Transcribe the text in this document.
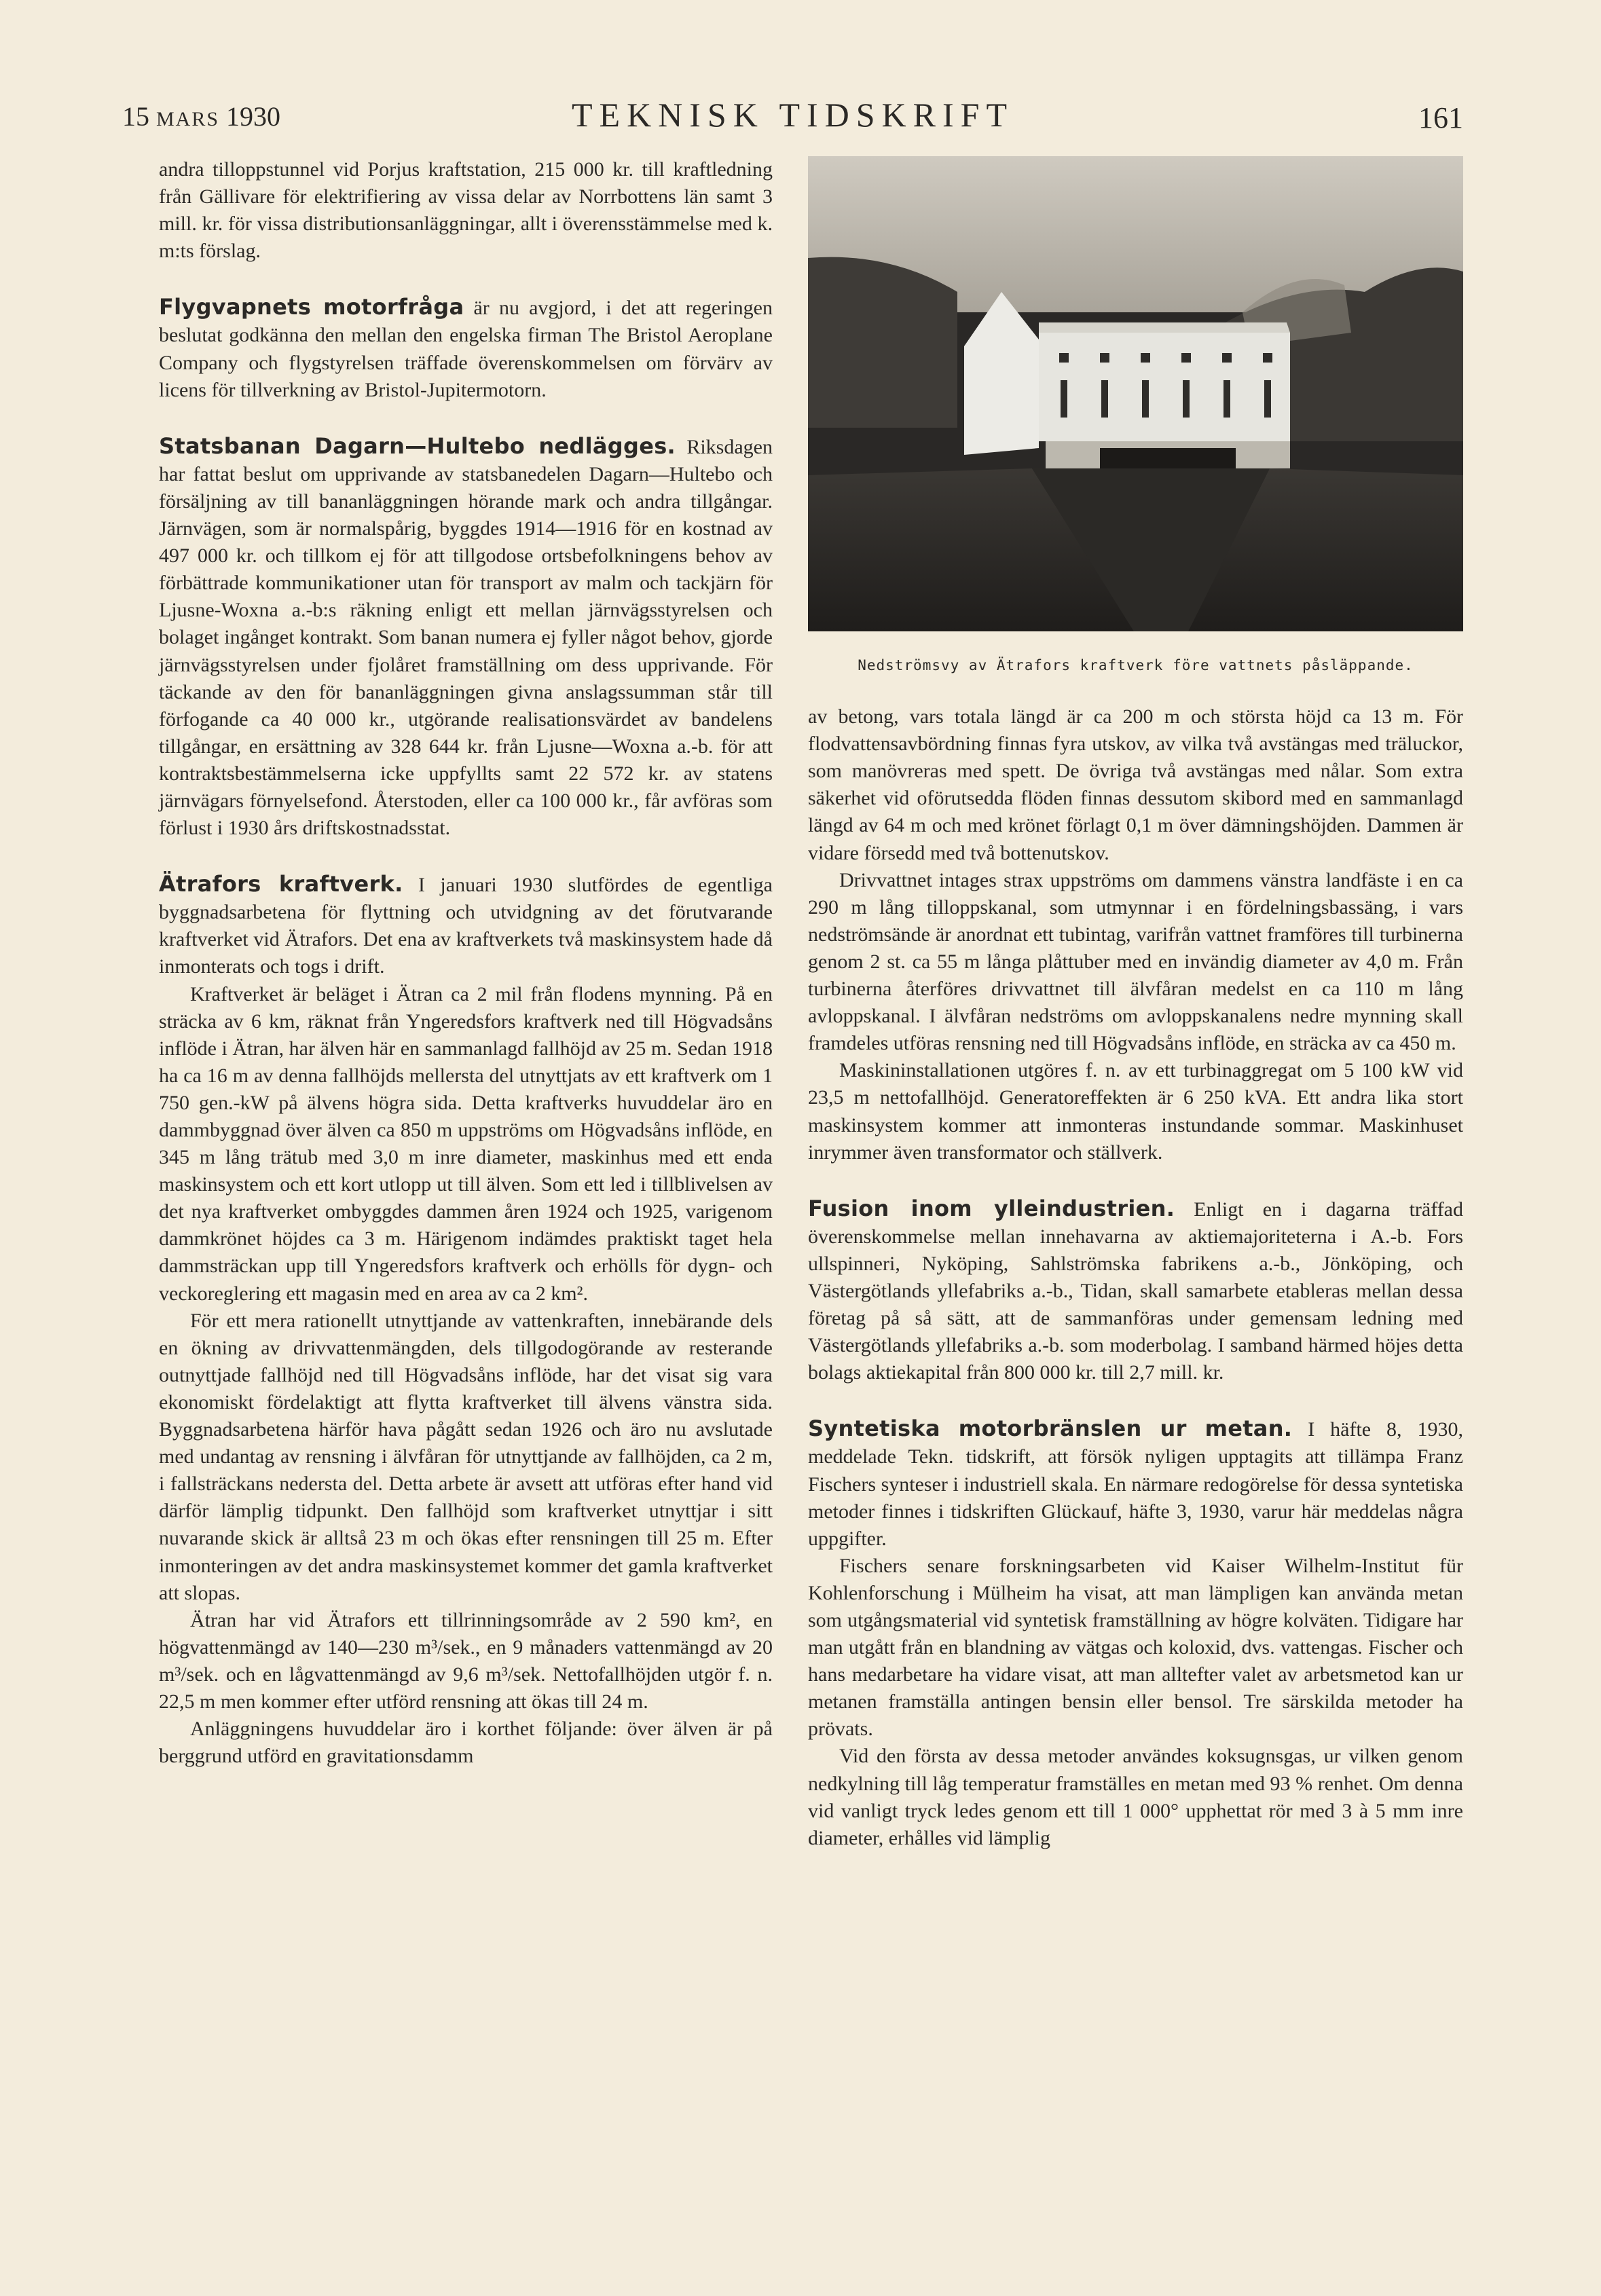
15 MARS 1930	TEKNISK TIDSKRIFT	161

andra tilloppstunnel vid Porjus kraftstation, 215 000 kr. till kraftledning från Gällivare för elektrifiering av vissa delar av Norrbottens län samt 3 mill. kr. för vissa distributionsanläggningar, allt i överensstämmelse med k. m:ts förslag.

Flygvapnets motorfråga är nu avgjord, i det att regeringen beslutat godkänna den mellan den engelska firman The Bristol Aeroplane Company och flygstyrelsen träffade överenskommelsen om förvärv av licens för tillverkning av Bristol-Jupitermotorn.

Statsbanan Dagarn—Hultebo nedlägges. Riksdagen har fattat beslut om upprivande av statsbanedelen Dagarn—Hultebo och försäljning av till bananläggningen hörande mark och andra tillgångar. Järnvägen, som är normalspårig, byggdes 1914—1916 för en kostnad av 497 000 kr. och tillkom ej för att tillgodose ortsbefolkningens behov av förbättrade kommunikationer utan för transport av malm och tackjärn för Ljusne-Woxna a.-b:s räkning enligt ett mellan järnvägsstyrelsen och bolaget ingånget kontrakt. Som banan numera ej fyller något behov, gjorde järnvägsstyrelsen under fjolåret framställning om dess upprivande. För täckande av den för bananläggningen givna anslagssumman står till förfogande ca 40 000 kr., utgörande realisationsvärdet av bandelens tillgångar, en ersättning av 328 644 kr. från Ljusne—Woxna a.-b. för att kontraktsbestämmelserna icke uppfyllts samt 22 572 kr. av statens järnvägars förnyelsefond. Återstoden, eller ca 100 000 kr., får avföras som förlust i 1930 års driftskostnadsstat.

Ätrafors kraftverk. I januari 1930 slutfördes de egentliga byggnadsarbetena för flyttning och utvidgning av det förutvarande kraftverket vid Ätrafors. Det ena av kraftverkets två maskinsystem hade då inmonterats och togs i drift.

Kraftverket är beläget i Ätran ca 2 mil från flodens mynning. På en sträcka av 6 km, räknat från Yngeredsfors kraftverk ned till Högvadsåns inflöde i Ätran, har älven här en sammanlagd fallhöjd av 25 m. Sedan 1918 ha ca 16 m av denna fallhöjds mellersta del utnyttjats av ett kraftverk om 1 750 gen.-kW på älvens högra sida. Detta kraftverks huvuddelar äro en dammbyggnad över älven ca 850 m uppströms om Högvadsåns inflöde, en 345 m lång trätub med 3,0 m inre diameter, maskinhus med ett enda maskinsystem och ett kort utlopp ut till älven. Som ett led i tillblivelsen av det nya kraftverket ombyggdes dammen åren 1924 och 1925, varigenom dammkrönet höjdes ca 3 m. Härigenom indämdes praktiskt taget hela dammsträckan upp till Yngeredsfors kraftverk och erhölls för dygn- och veckoreglering ett magasin med en area av ca 2 km².

För ett mera rationellt utnyttjande av vattenkraften, innebärande dels en ökning av drivvattenmängden, dels tillgodogörande av resterande outnyttjade fallhöjd ned till Högvadsåns inflöde, har det visat sig vara ekonomiskt fördelaktigt att flytta kraftverket till älvens vänstra sida. Byggnadsarbetena härför hava pågått sedan 1926 och äro nu avslutade med undantag av rensning i älvfåran för utnyttjande av fallhöjden, ca 2 m, i fallsträckans nedersta del. Detta arbete är avsett att utföras efter hand vid därför lämplig tidpunkt. Den fallhöjd som kraftverket utnyttjar i sitt nuvarande skick är alltså 23 m och ökas efter rensningen till 25 m. Efter inmonteringen av det andra maskinsystemet kommer det gamla kraftverket att slopas.

Ätran har vid Ätrafors ett tillrinningsområde av 2 590 km², en högvattenmängd av 140—230 m³/sek., en 9 månaders vattenmängd av 20 m³/sek. och en lågvattenmängd av 9,6 m³/sek. Nettofallhöjden utgör f. n. 22,5 m men kommer efter utförd rensning att ökas till 24 m.

Anläggningens huvuddelar äro i korthet följande: över älven är på berggrund utförd en gravitationsdamm

Nedströmsvy av Ätrafors kraftverk före vattnets påsläppande.

av betong, vars totala längd är ca 200 m och största höjd ca 13 m. För flodvattensavbördning finnas fyra utskov, av vilka två avstängas med träluckor, som manövreras med spett. De övriga två avstängas med nålar. Som extra säkerhet vid oförutsedda flöden finnas dessutom skibord med en sammanlagd längd av 64 m och med krönet förlagt 0,1 m över dämningshöjden. Dammen är vidare försedd med två bottenutskov.

Drivvattnet intages strax uppströms om dammens vänstra landfäste i en ca 290 m lång tilloppskanal, som utmynnar i en fördelningsbassäng, i vars nedströmsände är anordnat ett tubintag, varifrån vattnet framföres till turbinerna genom 2 st. ca 55 m långa plåttuber med en invändig diameter av 4,0 m. Från turbinerna återföres drivvattnet till älvfåran medelst en ca 110 m lång avloppskanal. I älvfåran nedströms om avloppskanalens nedre mynning skall framdeles utföras rensning ned till Högvadsåns inflöde, en sträcka av ca 450 m.

Maskininstallationen utgöres f. n. av ett turbinaggregat om 5 100 kW vid 23,5 m nettofallhöjd. Generatoreffekten är 6 250 kVA. Ett andra lika stort maskinsystem kommer att inmonteras instundande sommar. Maskinhuset inrymmer även transformator och ställverk.

Fusion inom ylleindustrien. Enligt en i dagarna träffad överenskommelse mellan innehavarna av aktiemajoriteterna i A.-b. Fors ullspinneri, Nyköping, Sahlströmska fabrikens a.-b., Jönköping, och Västergötlands yllefabriks a.-b., Tidan, skall samarbete etableras mellan dessa företag på så sätt, att de sammanföras under gemensam ledning med Västergötlands yllefabriks a.-b. som moderbolag. I samband härmed höjes detta bolags aktiekapital från 800 000 kr. till 2,7 mill. kr.

Syntetiska motorbränslen ur metan. I häfte 8, 1930, meddelade Tekn. tidskrift, att försök nyligen upptagits att tillämpa Franz Fischers synteser i industriell skala. En närmare redogörelse för dessa syntetiska metoder finnes i tidskriften Glückauf, häfte 3, 1930, varur här meddelas några uppgifter.

Fischers senare forskningsarbeten vid Kaiser Wilhelm-Institut für Kohlenforschung i Mülheim ha visat, att man lämpligen kan använda metan som utgångsmaterial vid syntetisk framställning av högre kolväten. Tidigare har man utgått från en blandning av vätgas och koloxid, dvs. vattengas. Fischer och hans medarbetare ha vidare visat, att man alltefter valet av arbetsmetod kan ur metanen framställa antingen bensin eller bensol. Tre särskilda metoder ha prövats.

Vid den första av dessa metoder användes koksugnsgas, ur vilken genom nedkylning till låg temperatur framställes en metan med 93 % renhet. Om denna vid vanligt tryck ledes genom ett till 1 000° upphettat rör med 3 à 5 mm inre diameter, erhålles vid lämplig
